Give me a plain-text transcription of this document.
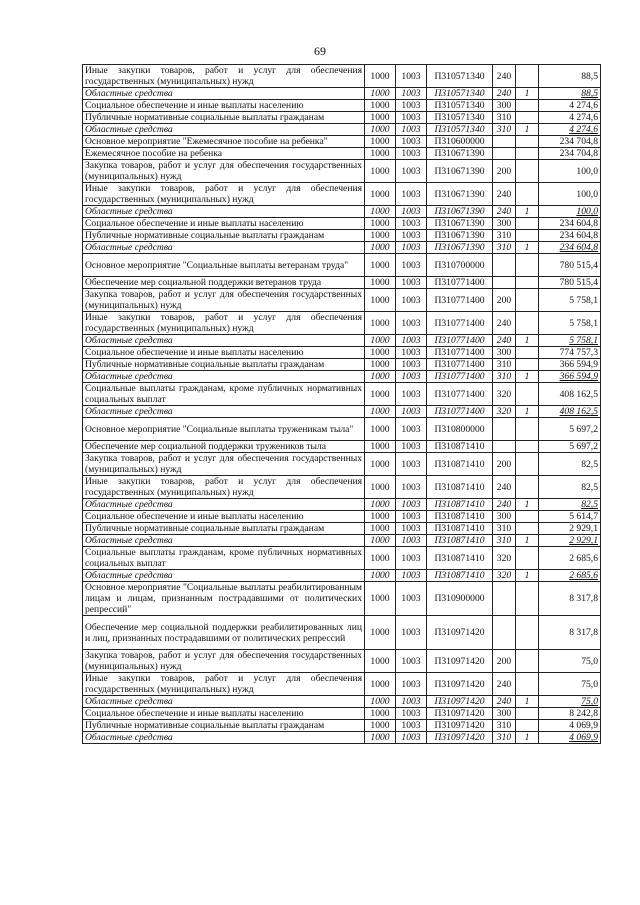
69
Иные закупки товаров, работ и услуг для обеспечения государственных (муниципальных) нужд	1000	1003	П310571340	240		88,5
Областные средства	1000	1003	П310571340	240	1	88,5
Социальное обеспечение и иные выплаты населению	1000	1003	П310571340	300		4 274,6
Публичные нормативные социальные выплаты гражданам	1000	1003	П310571340	310		4 274,6
Областные средства	1000	1003	П310571340	310	1	4 274,6
Основное мероприятие "Ежемесячное пособие на ребенка"	1000	1003	П310600000			234 704,8
Ежемесячное пособие на ребенка	1000	1003	П310671390			234 704,8
Закупка товаров, работ и услуг для обеспечения государственных (муниципальных) нужд	1000	1003	П310671390	200		100,0
Иные закупки товаров, работ и услуг для обеспечения государственных (муниципальных) нужд	1000	1003	П310671390	240		100,0
Областные средства	1000	1003	П310671390	240	1	100,0
Социальное обеспечение и иные выплаты населению	1000	1003	П310671390	300		234 604,8
Публичные нормативные социальные выплаты гражданам	1000	1003	П310671390	310		234 604,8
Областные средства	1000	1003	П310671390	310	1	234 604,8
Основное мероприятие "Социальные выплаты ветеранам труда"	1000	1003	П310700000			780 515,4
Обеспечение мер социальной поддержки ветеранов труда	1000	1003	П310771400			780 515,4
Закупка товаров, работ и услуг для обеспечения государственных (муниципальных) нужд	1000	1003	П310771400	200		5 758,1
Иные закупки товаров, работ и услуг для обеспечения государственных (муниципальных) нужд	1000	1003	П310771400	240		5 758,1
Областные средства	1000	1003	П310771400	240	1	5 758,1
Социальное обеспечение и иные выплаты населению	1000	1003	П310771400	300		774 757,3
Публичные нормативные социальные выплаты гражданам	1000	1003	П310771400	310		366 594,9
Областные средства	1000	1003	П310771400	310	1	366 594,9
Социальные выплаты гражданам, кроме публичных нормативных социальных выплат	1000	1003	П310771400	320		408 162,5
Областные средства	1000	1003	П310771400	320	1	408 162,5
Основное мероприятие "Социальные выплаты труженикам тыла"	1000	1003	П310800000			5 697,2
Обеспечение мер социальной поддержки тружеников тыла	1000	1003	П310871410			5 697,2
Закупка товаров, работ и услуг для обеспечения государственных (муниципальных) нужд	1000	1003	П310871410	200		82,5
Иные закупки товаров, работ и услуг для обеспечения государственных (муниципальных) нужд	1000	1003	П310871410	240		82,5
Областные средства	1000	1003	П310871410	240	1	82,5
Социальное обеспечение и иные выплаты населению	1000	1003	П310871410	300		5 614,7
Публичные нормативные социальные выплаты гражданам	1000	1003	П310871410	310		2 929,1
Областные средства	1000	1003	П310871410	310	1	2 929,1
Социальные выплаты гражданам, кроме публичных нормативных социальных выплат	1000	1003	П310871410	320		2 685,6
Областные средства	1000	1003	П310871410	320	1	2 685,6
Основное мероприятие "Социальные выплаты реабилитированным лицам и лицам, признанным пострадавшими от политических репрессий"	1000	1003	П310900000			8 317,8
Обеспечение мер социальной поддержки реабилитированных лиц и лиц, признанных пострадавшими от политических репрессий	1000	1003	П310971420			8 317,8
Закупка товаров, работ и услуг для обеспечения государственных (муниципальных) нужд	1000	1003	П310971420	200		75,0
Иные закупки товаров, работ и услуг для обеспечения государственных (муниципальных) нужд	1000	1003	П310971420	240		75,0
Областные средства	1000	1003	П310971420	240	1	75,0
Социальное обеспечение и иные выплаты населению	1000	1003	П310971420	300		8 242,8
Публичные нормативные социальные выплаты гражданам	1000	1003	П310971420	310		4 069,9
Областные средства	1000	1003	П310971420	310	1	4 069,9
